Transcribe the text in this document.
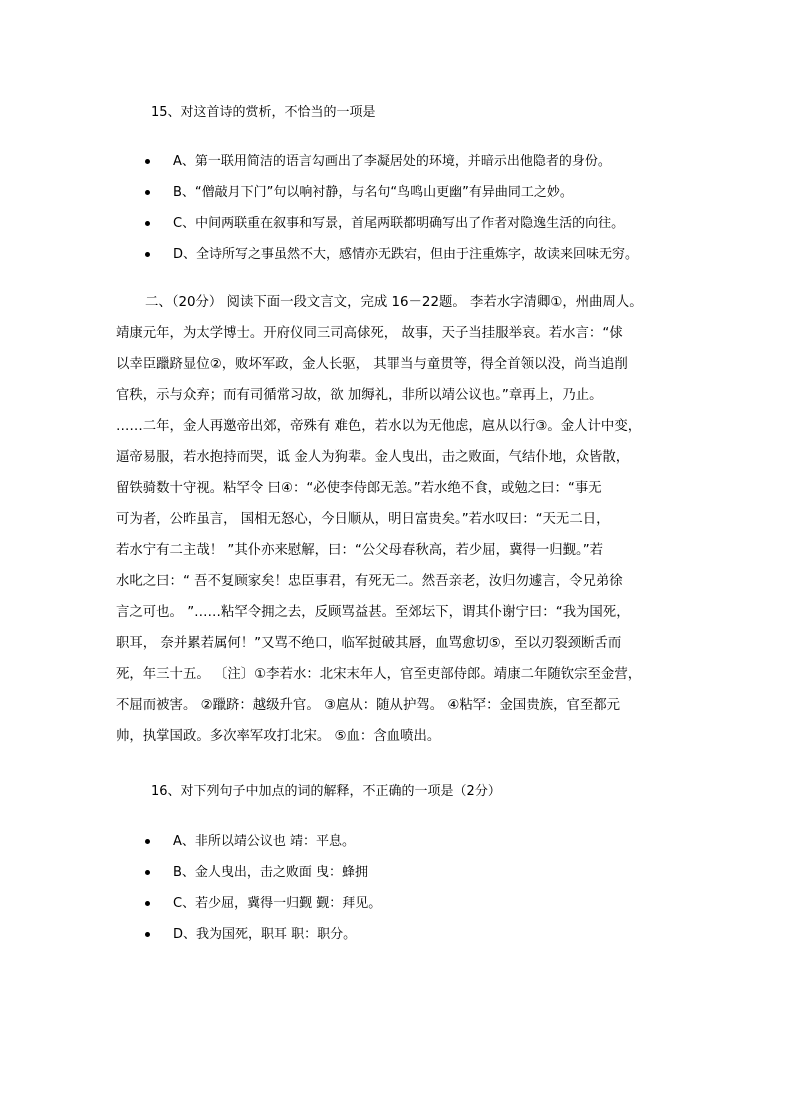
15、对这首诗的赏析，不恰当的一项是

A、第一联用简洁的语言勾画出了李凝居处的环境，并暗示出他隐者的身份。
B、“僧敲月下门”句以响衬静，与名句“鸟鸣山更幽”有异曲同工之妙。
C、中间两联重在叙事和写景，首尾两联都明确写出了作者对隐逸生活的向往。
D、全诗所写之事虽然不大，感情亦无跌宕，但由于注重炼字，故读来回味无穷。
二、（20分） 阅读下面一段文言文，完成 16－22题。 李若水字清卿①，州曲周人。
靖康元年，为太学博士。开府仪同三司高俅死， 故事，天子当挂服举哀。若水言：“俅
以幸臣躐跻显位②，败坏军政，金人长驱， 其罪当与童贯等，得全首领以没，尚当追削
官秩，示与众弃；而有司循常习故，欲 加缛礼，非所以靖公议也。”章再上，乃止。
……二年，金人再邀帝出郊，帝殊有 难色，若水以为无他虑，扈从以行③。金人计中变，
逼帝易服，若水抱持而哭，诋 金人为狗辈。金人曳出，击之败面，气结仆地，众皆散，
留铁骑数十守视。粘罕令 曰④：“必使李侍郎无恙。”若水绝不食，或勉之曰：“事无
可为者，公昨虽言， 国相无怒心，今日顺从，明日富贵矣。”若水叹曰：“天无二日，
若水宁有二主哉！ ”其仆亦来慰解，曰：“公父母春秋高，若少屈，冀得一归觐。”若
水叱之曰：“ 吾不复顾家矣！忠臣事君，有死无二。然吾亲老，汝归勿遽言，令兄弟徐
言之可也。 ”……粘罕令拥之去，反顾骂益甚。至郊坛下，谓其仆谢宁曰：“我为国死，
职耳， 奈并累若属何！”又骂不绝口，临军挝破其唇，血骂愈切⑤，至以刃裂颈断舌而
死，年三十五。 〔注〕①李若水：北宋末年人，官至吏部侍郎。靖康二年随钦宗至金营，
不屈而被害。 ②躐跻：越级升官。 ③扈从：随从护驾。 ④粘罕：金国贵族，官至都元
帅，执掌国政。多次率军攻打北宋。 ⑤血：含血喷出。

16、对下列句子中加点的词的解释，不正确的一项是（2分）

A、非所以靖公议也 靖：平息。
B、金人曳出，击之败面 曳：蜂拥
C、若少屈，冀得一归觐 觐：拜见。
D、我为国死，职耳 职：职分。
